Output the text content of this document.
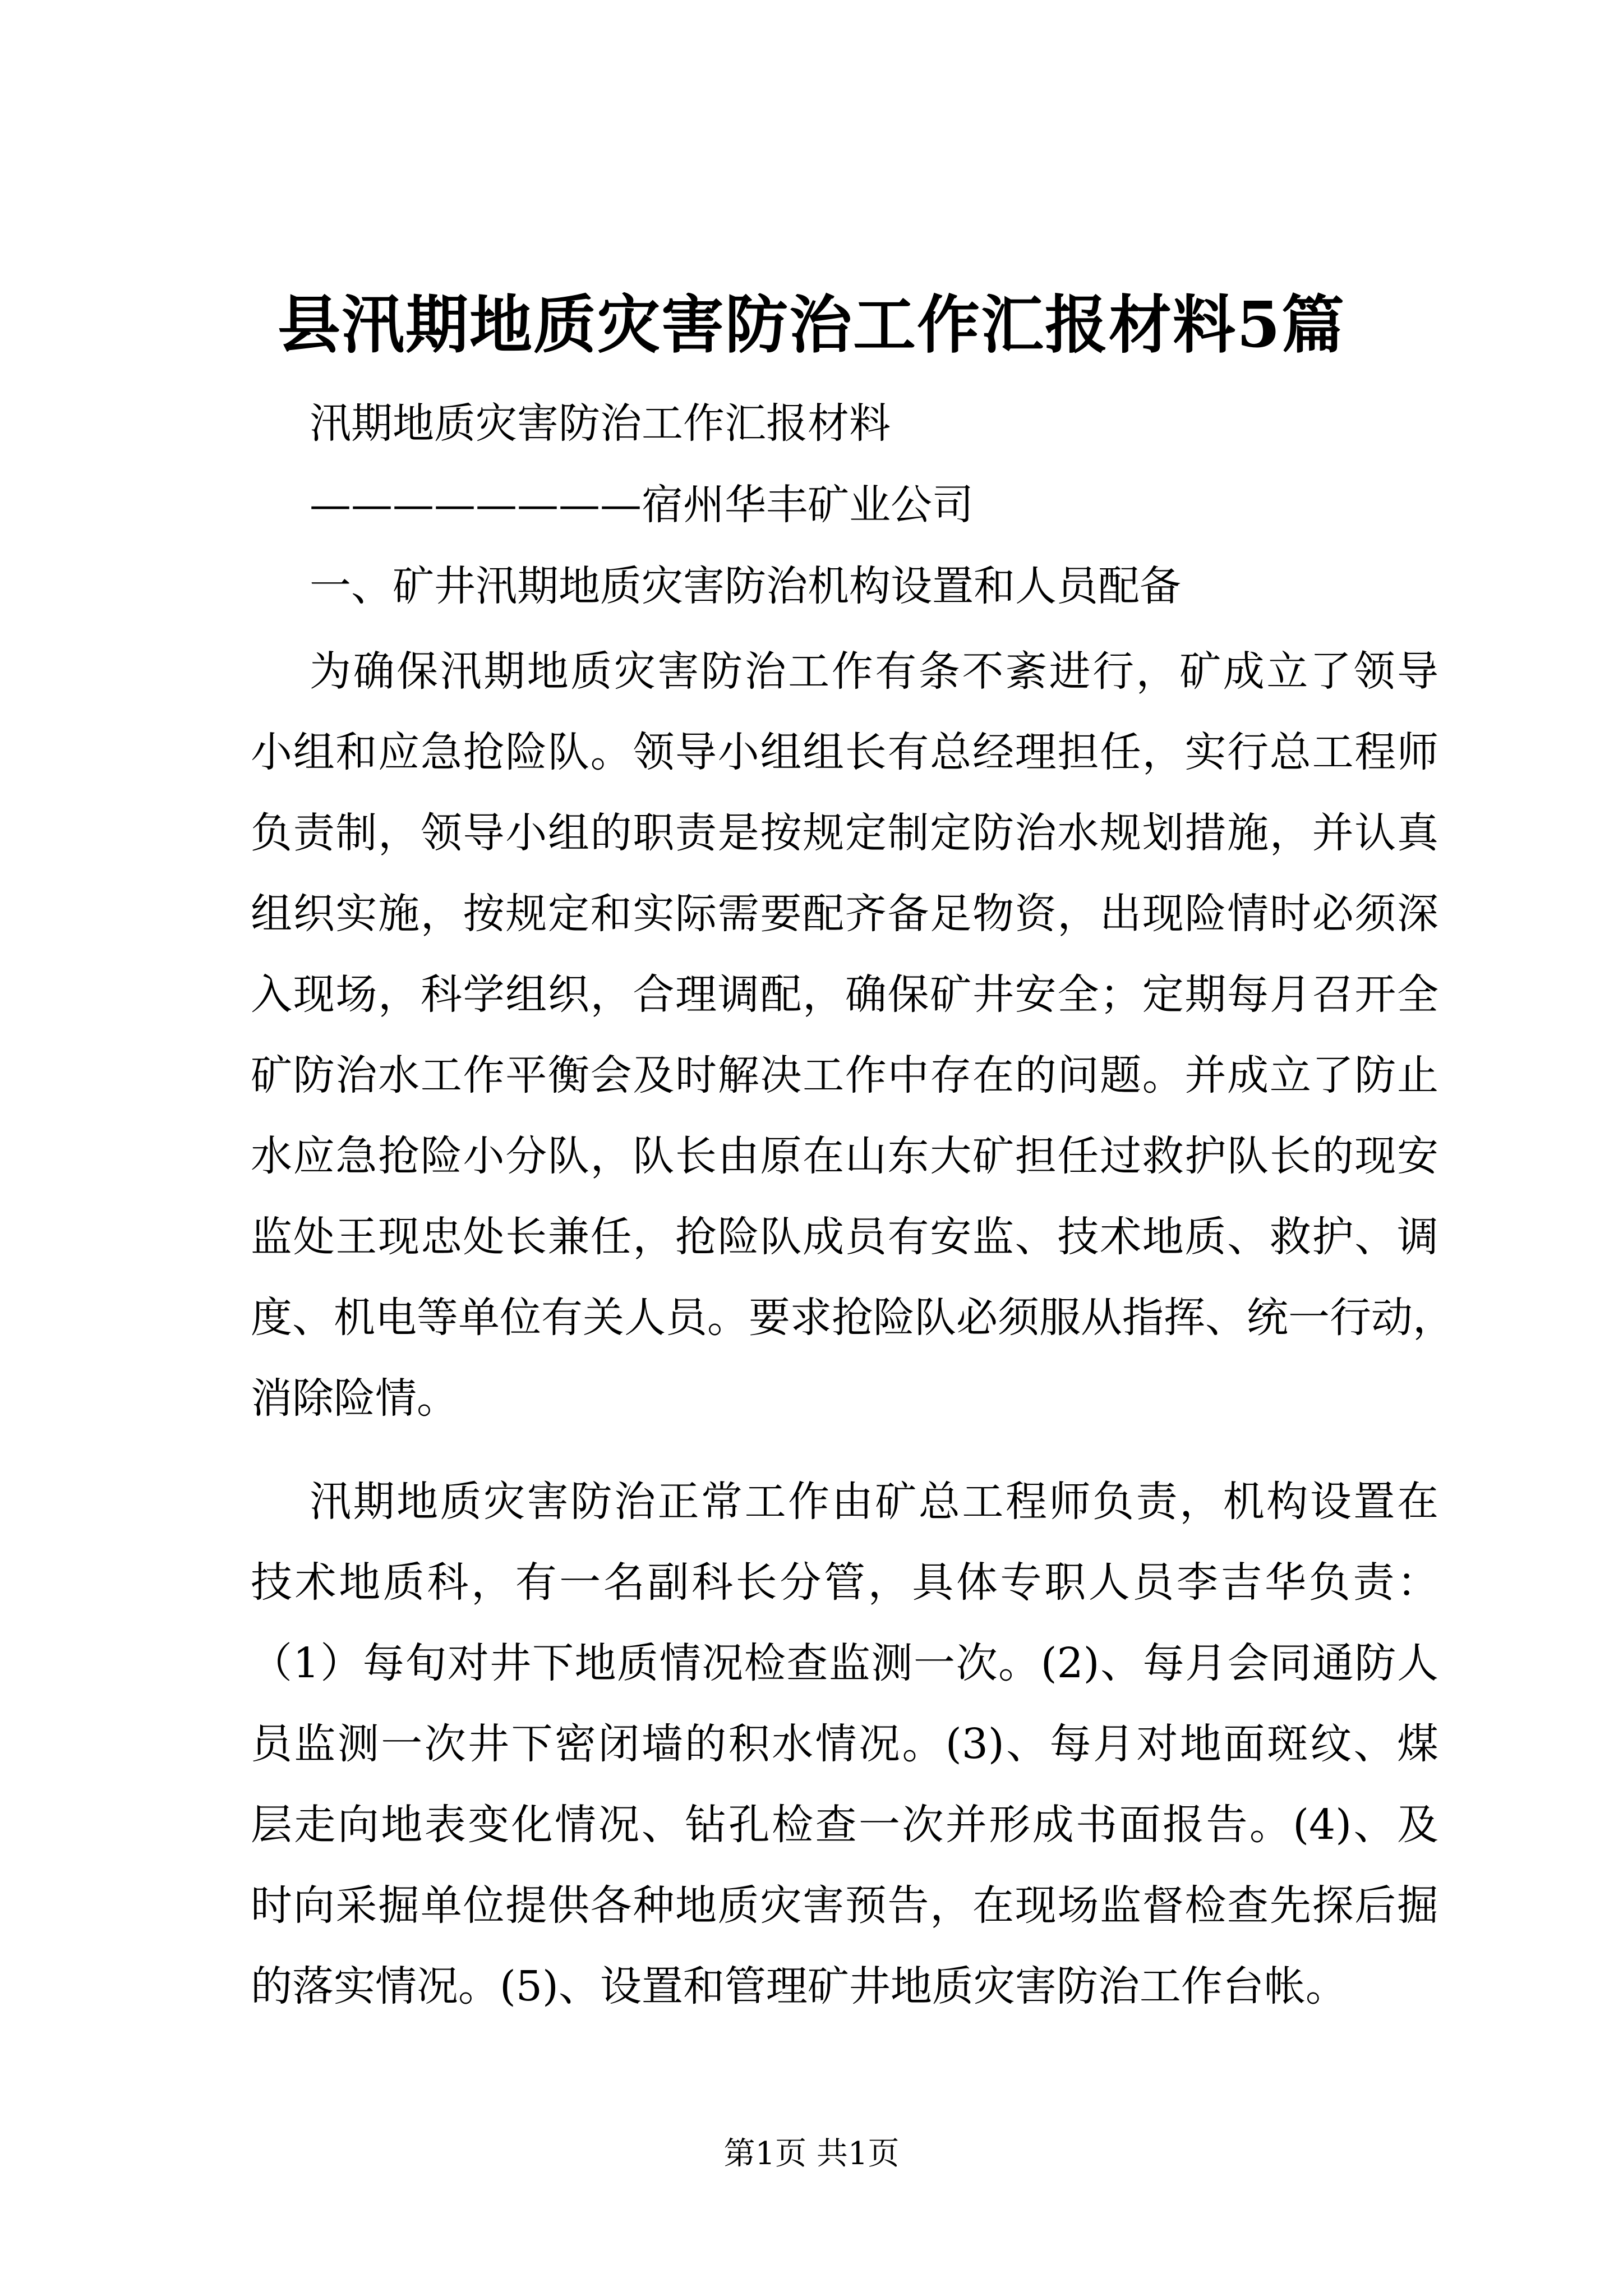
县汛期地质灾害防治工作汇报材料5篇
汛期地质灾害防治工作汇报材料
————————宿州华丰矿业公司
一、矿井汛期地质灾害防治机构设置和人员配备
为确保汛期地质灾害防治工作有条不紊进行，矿成立了领导
小组和应急抢险队。领导小组组长有总经理担任，实行总工程师
负责制，领导小组的职责是按规定制定防治水规划措施，并认真
组织实施，按规定和实际需要配齐备足物资，出现险情时必须深
入现场，科学组织，合理调配，确保矿井安全；定期每月召开全
矿防治水工作平衡会及时解决工作中存在的问题。并成立了防止
水应急抢险小分队，队长由原在山东大矿担任过救护队长的现安
监处王现忠处长兼任，抢险队成员有安监、技术地质、救护、调
度、机电等单位有关人员。要求抢险队必须服从指挥、统一行动，
消除险情。
汛期地质灾害防治正常工作由矿总工程师负责，机构设置在
技术地质科，有一名副科长分管，具体专职人员李吉华负责：
（1）每旬对井下地质情况检查监测一次。(2)、每月会同通防人
员监测一次井下密闭墙的积水情况。(3)、每月对地面斑纹、煤
层走向地表变化情况、钻孔检查一次并形成书面报告。(4)、及
时向采掘单位提供各种地质灾害预告，在现场监督检查先探后掘
的落实情况。(5)、设置和管理矿井地质灾害防治工作台帐。
第1页 共1页
